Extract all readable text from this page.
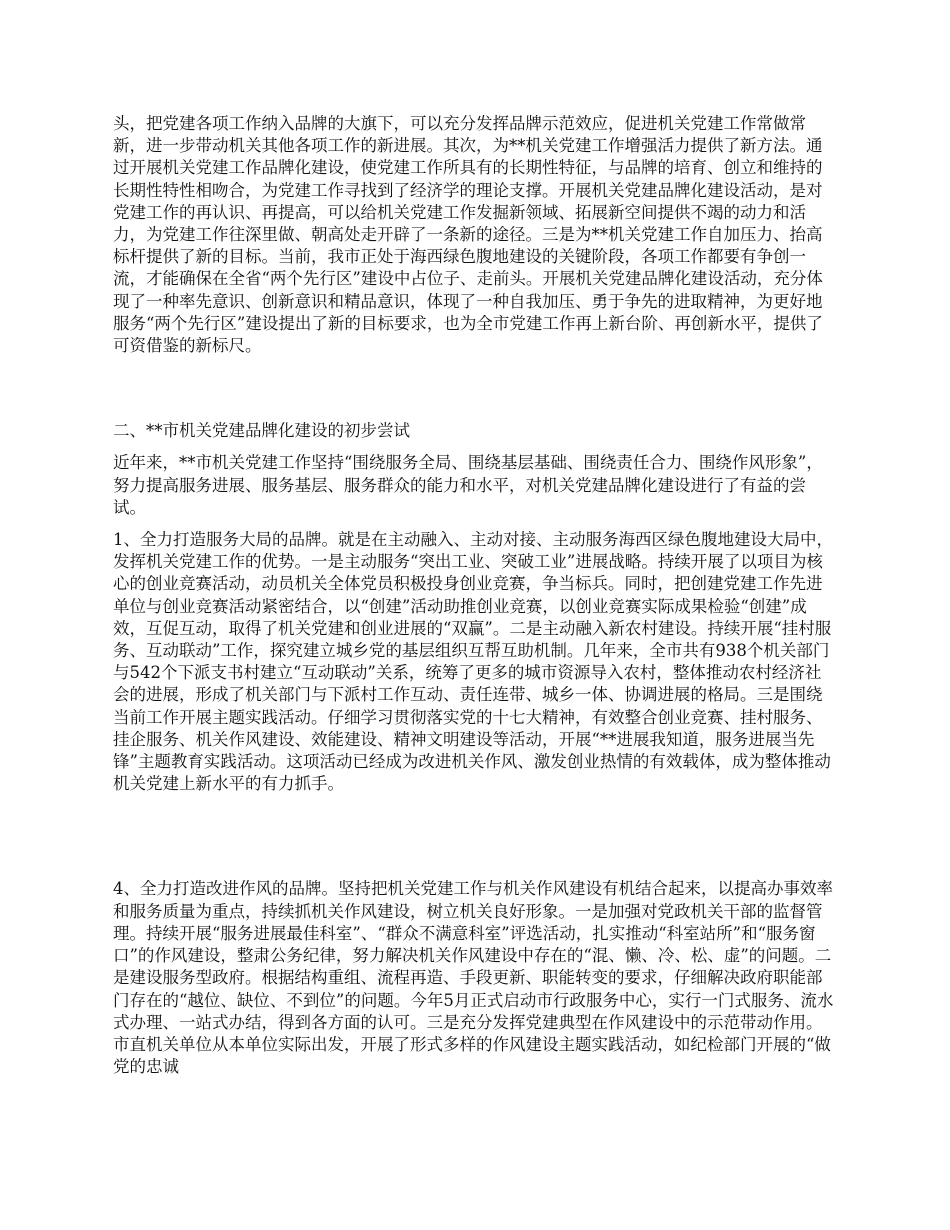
头，把党建各项工作纳入品牌的大旗下，可以充分发挥品牌示范效应，促进机关党建工作常做常新，进一步带动机关其他各项工作的新进展。其次，为**机关党建工作增强活力提供了新方法。通过开展机关党建工作品牌化建设，使党建工作所具有的长期性特征，与品牌的培育、创立和维持的长期性特性相吻合，为党建工作寻找到了经济学的理论支撑。开展机关党建品牌化建设活动，是对党建工作的再认识、再提高，可以给机关党建工作发掘新领域、拓展新空间提供不竭的动力和活力，为党建工作往深里做、朝高处走开辟了一条新的途径。三是为**机关党建工作自加压力、抬高标杆提供了新的目标。当前，我市正处于海西绿色腹地建设的关键阶段，各项工作都要有争创一流，才能确保在全省“两个先行区”建设中占位子、走前头。开展机关党建品牌化建设活动，充分体现了一种率先意识、创新意识和精品意识，体现了一种自我加压、勇于争先的进取精神，为更好地服务“两个先行区”建设提出了新的目标要求，也为全市党建工作再上新台阶、再创新水平，提供了可资借鉴的新标尺。

二、**市机关党建品牌化建设的初步尝试

近年来，**市机关党建工作坚持“围绕服务全局、围绕基层基础、围绕责任合力、围绕作风形象”，努力提高服务进展、服务基层、服务群众的能力和水平，对机关党建品牌化建设进行了有益的尝试。

1、全力打造服务大局的品牌。就是在主动融入、主动对接、主动服务海西区绿色腹地建设大局中，发挥机关党建工作的优势。一是主动服务“突出工业、突破工业”进展战略。持续开展了以项目为核心的创业竞赛活动，动员机关全体党员积极投身创业竞赛，争当标兵。同时，把创建党建工作先进单位与创业竞赛活动紧密结合，以“创建”活动助推创业竞赛，以创业竞赛实际成果检验“创建”成效，互促互动，取得了机关党建和创业进展的“双赢”。二是主动融入新农村建设。持续开展“挂村服务、互动联动”工作，探究建立城乡党的基层组织互帮互助机制。几年来，全市共有938个机关部门与542个下派支书村建立“互动联动”关系，统筹了更多的城市资源导入农村，整体推动农村经济社会的进展，形成了机关部门与下派村工作互动、责任连带、城乡一体、协调进展的格局。三是围绕当前工作开展主题实践活动。仔细学习贯彻落实党的十七大精神，有效整合创业竞赛、挂村服务、挂企服务、机关作风建设、效能建设、精神文明建设等活动，开展“**进展我知道，服务进展当先锋”主题教育实践活动。这项活动已经成为改进机关作风、激发创业热情的有效载体，成为整体推动机关党建上新水平的有力抓手。

4、全力打造改进作风的品牌。坚持把机关党建工作与机关作风建设有机结合起来，以提高办事效率和服务质量为重点，持续抓机关作风建设，树立机关良好形象。一是加强对党政机关干部的监督管理。持续开展“服务进展最佳科室”、“群众不满意科室”评选活动，扎实推动“科室站所”和“服务窗口”的作风建设，整肃公务纪律，努力解决机关作风建设中存在的“混、懒、冷、松、虚”的问题。二是建设服务型政府。根据结构重组、流程再造、手段更新、职能转变的要求，仔细解决政府职能部门存在的“越位、缺位、不到位”的问题。今年5月正式启动市行政服务中心，实行一门式服务、流水式办理、一站式办结，得到各方面的认可。三是充分发挥党建典型在作风建设中的示范带动作用。市直机关单位从本单位实际出发，开展了形式多样的作风建设主题实践活动，如纪检部门开展的“做党的忠诚
